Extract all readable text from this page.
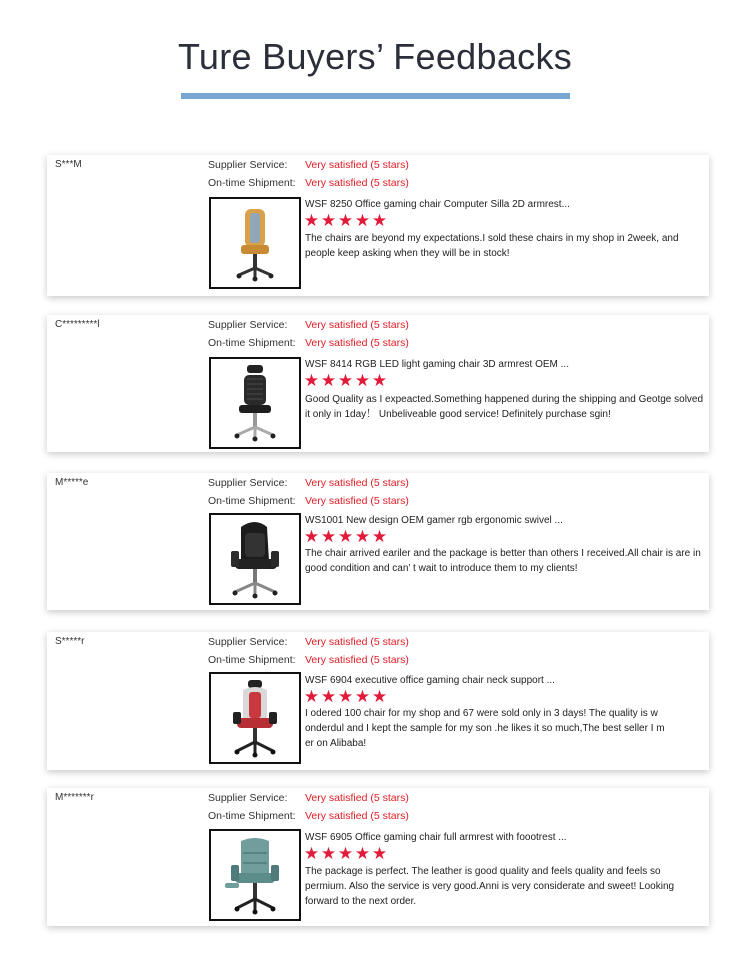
Ture Buyers’ Feedbacks
S***M	Supplier Service: Very satisfied (5 stars)
On-time Shipment: Very satisfied (5 stars)
WSF 8250 Office gaming chair Computer Silla 2D armrest...
★ ★ ★ ★ ★
The chairs are beyond my expectations.I sold these chairs in my shop in 2week, and people keep asking when they will be in stock!
C*********l	Supplier Service: Very satisfied (5 stars)
On-time Shipment: Very satisfied (5 stars)
WSF 8414 RGB LED light gaming chair 3D armrest OEM ...
★ ★ ★ ★ ★
Good Quality as I expeacted.Something happened during the shipping and Geotge solved it only in 1day！ Unbeliveable good service! Definitely purchase sgin!
M*****e	Supplier Service: Very satisfied (5 stars)
On-time Shipment: Very satisfied (5 stars)
WS1001 New design OEM gamer rgb ergonomic swivel ...
★ ★ ★ ★ ★
The chair arrived eariler and the package is better than others I received.All chair is are in good condition and can’ t wait to introduce them to my clients!
S*****r	Supplier Service: Very satisfied (5 stars)
On-time Shipment: Very satisfied (5 stars)
WSF 6904 executive office gaming chair neck support ...
★ ★ ★ ★ ★
I odered 100 chair for my shop and 67 were sold only in 3 days! The quality is w onderdul and I kept the sample for my son .he likes it so much,The best seller I m er on Alibaba!
M*******r	Supplier Service: Very satisfied (5 stars)
On-time Shipment: Very satisfied (5 stars)
WSF 6905 Office gaming chair full armrest with foootrest ...
★ ★ ★ ★ ★
The package is perfect. The leather is good quality and feels quality and feels so permium. Also the service is very good.Anni is very considerate and sweet! Looking forward to the next order.
